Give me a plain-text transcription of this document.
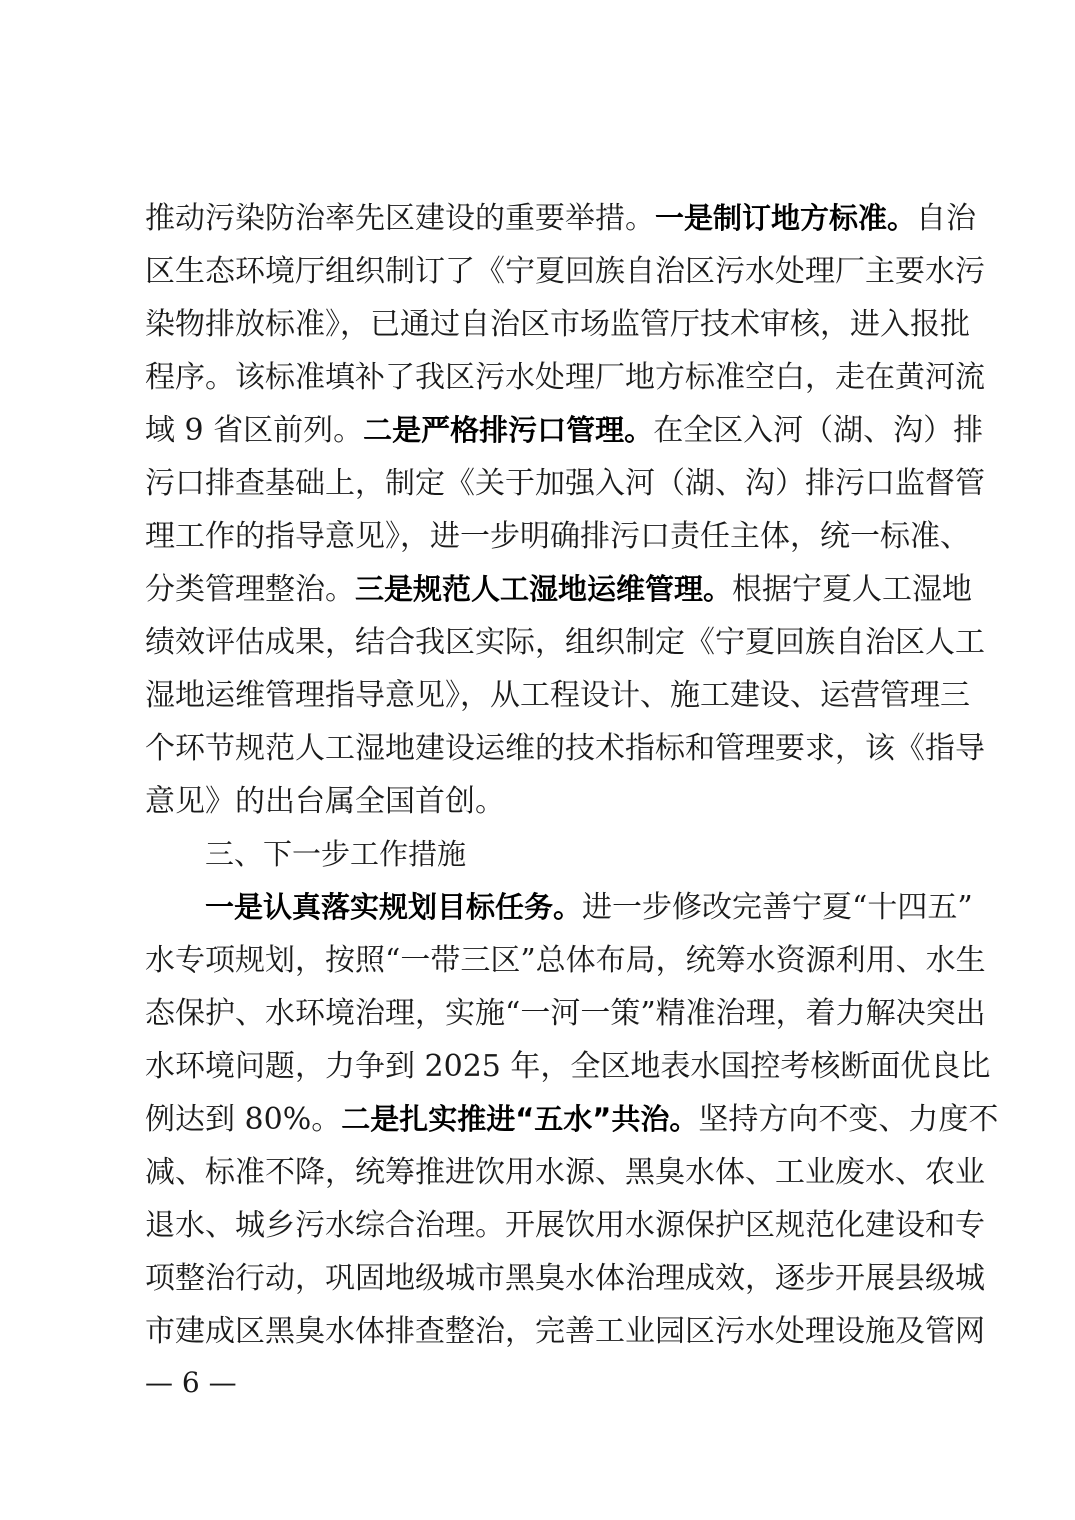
推动污染防治率先区建设的重要举措。一是制订地方标准。自治
区生态环境厅组织制订了《宁夏回族自治区污水处理厂主要水污
染物排放标准》，已通过自治区市场监管厅技术审核，进入报批
程序。该标准填补了我区污水处理厂地方标准空白，走在黄河流
域 9 省区前列。二是严格排污口管理。在全区入河（湖、沟）排
污口排查基础上，制定《关于加强入河（湖、沟）排污口监督管
理工作的指导意见》，进一步明确排污口责任主体，统一标准、
分类管理整治。三是规范人工湿地运维管理。根据宁夏人工湿地
绩效评估成果，结合我区实际，组织制定《宁夏回族自治区人工
湿地运维管理指导意见》，从工程设计、施工建设、运营管理三
个环节规范人工湿地建设运维的技术指标和管理要求，该《指导
意见》的出台属全国首创。
三、下一步工作措施
一是认真落实规划目标任务。进一步修改完善宁夏“十四五”
水专项规划，按照“一带三区”总体布局，统筹水资源利用、水生
态保护、水环境治理，实施“一河一策”精准治理，着力解决突出
水环境问题，力争到 2025 年，全区地表水国控考核断面优良比
例达到 80%。二是扎实推进“五水”共治。坚持方向不变、力度不
减、标准不降，统筹推进饮用水源、黑臭水体、工业废水、农业
退水、城乡污水综合治理。开展饮用水源保护区规范化建设和专
项整治行动，巩固地级城市黑臭水体治理成效，逐步开展县级城
市建成区黑臭水体排查整治，完善工业园区污水处理设施及管网
— 6 —
